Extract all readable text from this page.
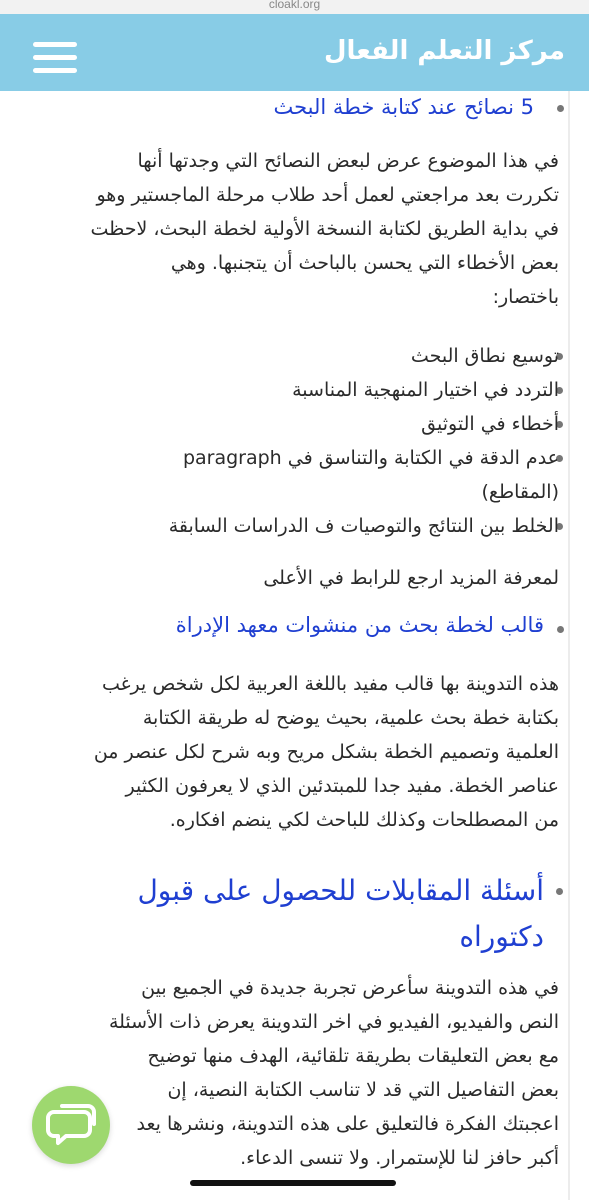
cloakl.org
مركز التعلم الفعال
5 نصائح عند كتابة خطة البحث

في هذا الموضوع عرض لبعض النصائح التي وجدتها أنها
تكررت بعد مراجعتي لعمل أحد طلاب مرحلة الماجستير وهو
في بداية الطريق لكتابة النسخة الأولية لخطة البحث، لاحظت
بعض الأخطاء التي يحسن بالباحث أن يتجنبها. وهي
باختصار:

توسيع نطاق البحث
التردد في اختيار المنهجية المناسبة
أخطاء في التوثيق
عدم الدقة في الكتابة والتناسق في paragraph
(المقاطع)
الخلط بين النتائج والتوصيات ف الدراسات السابقة
لمعرفة المزيد ارجع للرابط في الأعلى
قالب لخطة بحث من منشوات معهد الإدراة

هذه التدوينة بها قالب مفيد باللغة العربية لكل شخص يرغب
بكتابة خطة بحث علمية، بحيث يوضح له طريقة الكتابة
العلمية وتصميم الخطة بشكل مريح وبه شرح لكل عنصر من
عناصر الخطة. مفيد جدا للمبتدئين الذي لا يعرفون الكثير
من المصطلحات وكذلك للباحث لكي ينضم افكاره.

أسئلة المقابلات للحصول على قبول
دكتوراه

في هذه التدوينة سأعرض تجربة جديدة في الجميع بين
النص والفيديو، الفيديو في اخر التدوينة يعرض ذات الأسئلة
مع بعض التعليقات بطريقة تلقائية، الهدف منها توضيح
بعض التفاصيل التي قد لا تناسب الكتابة النصية، إن
اعجبتك الفكرة فالتعليق على هذه التدوينة، ونشرها يعد
أكبر حافز لنا للإستمرار. ولا تنسى الدعاء.
